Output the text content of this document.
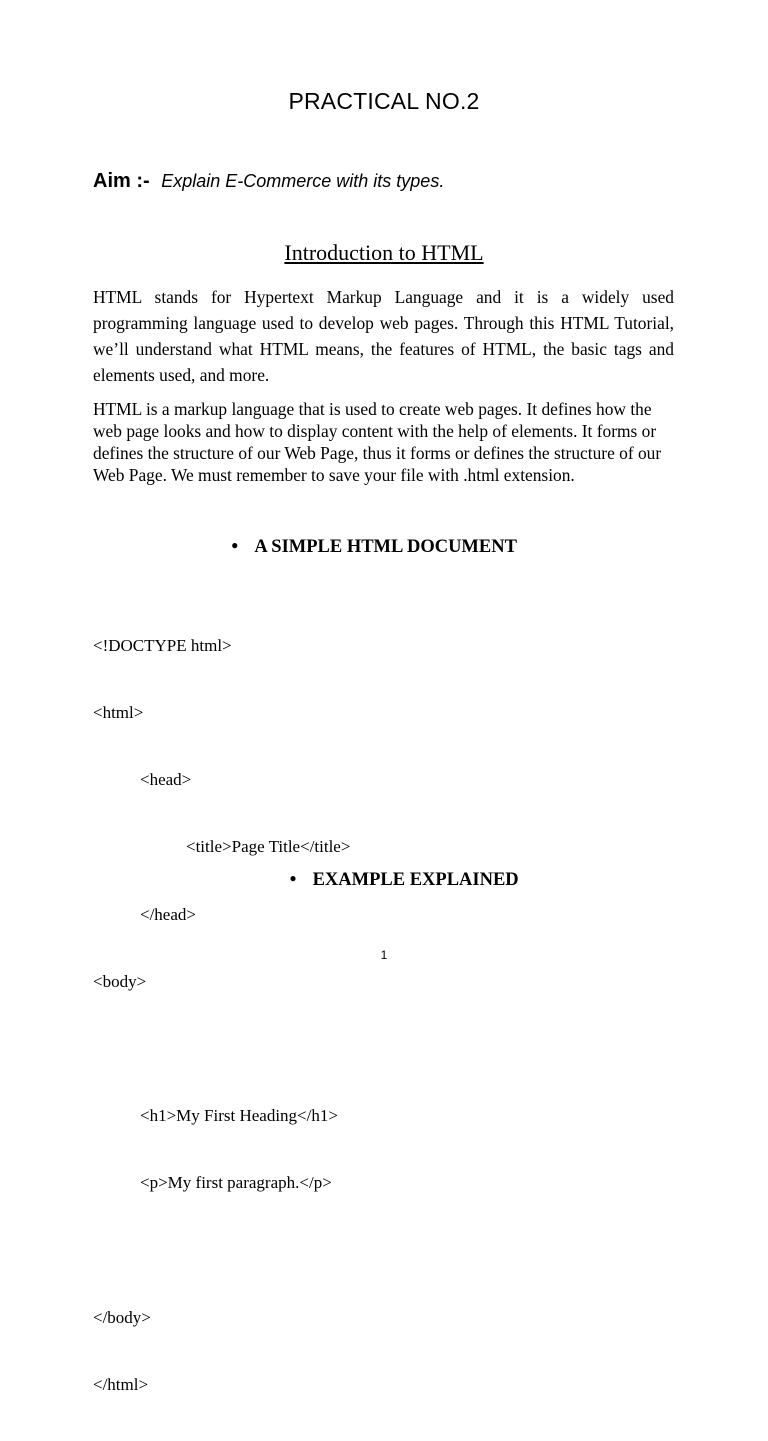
PRACTICAL NO.2
Aim :- Explain E-Commerce with its types.
Introduction to HTML

HTML stands for Hypertext Markup Language and it is a widely used programming language used to develop web pages. Through this HTML Tutorial, we’ll understand what HTML means, the features of HTML, the basic tags and elements used, and more.

HTML is a markup language that is used to create web pages. It defines how the web page looks and how to display content with the help of elements. It forms or defines the structure of our Web Page, thus it forms or defines the structure of our Web Page. We must remember to save your file with .html extension.

● A SIMPLE HTML DOCUMENT

<!DOCTYPE html>

<html>

<head>

<title>Page Title</title>

</head>

<body>

<h1>My First Heading</h1>

<p>My first paragraph.</p>

</body>

</html>

● EXAMPLE EXPLAINED
1
